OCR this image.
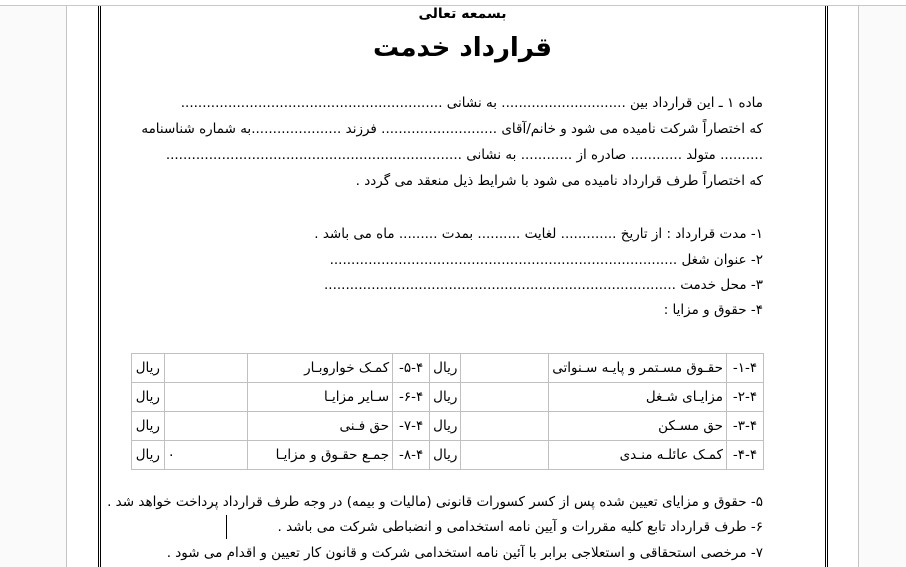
بسمعه تعالی
قرارداد خدمت
ماده ۱ ـ این قرارداد بین ............................. به نشانی .............................................................
که اختصاراً شرکت نامیده می شود و خانم/آقای ........................... فرزند .....................به شماره شناسنامه
.......... متولد ............ صادره از ............ به نشانی .....................................................................
که اختصاراً طرف قرارداد نامیده می شود با شرایط ذیل منعقد می گردد .
۱- مدت قرارداد : از تاریخ ............. لغایت .......... بمدت ......... ماه می باشد .
۲- عنوان شغل .................................................................................
۳- محل خدمت ..................................................................................
۴- حقوق و مزایا :
۱-۴-	حقـوق مسـتمر و پایـه سـنواتی		ریال	۵-۴-	کمـک خواروبـار		ریال
۲-۴-	مزایـای شـغل		ریال	۶-۴-	سـایر مزایـا		ریال
۳-۴-	حق مسـکن		ریال	۷-۴-	حق فـنی		ریال
۴-۴-	کمـک عائلـه منـدی		ریال	۸-۴-	جمـع حقـوق و مزایـا	۰	ریال
۵- حقوق و مزایای تعیین شده پس از کسر کسورات قانونی (مالیات و بیمه) در وجه طرف قرارداد پرداخت خواهد شد .
۶- طرف قرارداد تابع کلیه مقررات و آیین نامه استخدامی و انضباطی شرکت می باشد .
۷- مرخصی استحقاقی و استعلاجی برابر با آئین نامه استخدامی شرکت و قانون کار تعیین و اقدام می شود .
